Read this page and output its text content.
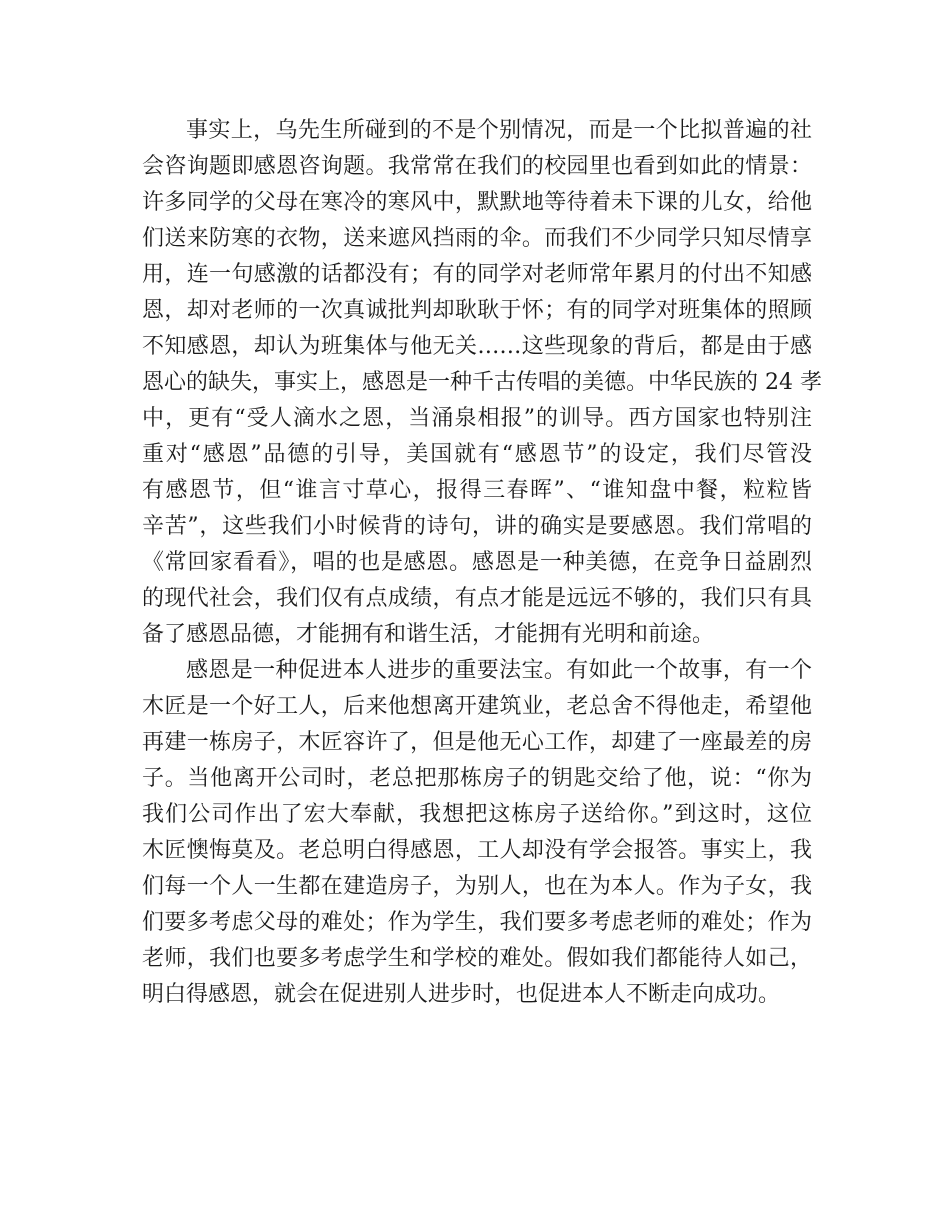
事实上，乌先生所碰到的不是个别情况，而是一个比拟普遍的社
会咨询题即感恩咨询题。我常常在我们的校园里也看到如此的情景：
许多同学的父母在寒冷的寒风中，默默地等待着未下课的儿女，给他
们送来防寒的衣物，送来遮风挡雨的伞。而我们不少同学只知尽情享
用，连一句感激的话都没有；有的同学对老师常年累月的付出不知感
恩，却对老师的一次真诚批判却耿耿于怀；有的同学对班集体的照顾
不知感恩，却认为班集体与他无关……这些现象的背后，都是由于感
恩心的缺失，事实上，感恩是一种千古传唱的美德。中华民族的 24 孝
中，更有“受人滴水之恩，当涌泉相报”的训导。西方国家也特别注
重对“感恩”品德的引导，美国就有“感恩节”的设定，我们尽管没
有感恩节，但“谁言寸草心，报得三春晖”、“谁知盘中餐，粒粒皆
辛苦”，这些我们小时候背的诗句，讲的确实是要感恩。我们常唱的
《常回家看看》，唱的也是感恩。感恩是一种美德，在竞争日益剧烈
的现代社会，我们仅有点成绩，有点才能是远远不够的，我们只有具
备了感恩品德，才能拥有和谐生活，才能拥有光明和前途。
感恩是一种促进本人进步的重要法宝。有如此一个故事，有一个
木匠是一个好工人，后来他想离开建筑业，老总舍不得他走，希望他
再建一栋房子，木匠容许了，但是他无心工作，却建了一座最差的房
子。当他离开公司时，老总把那栋房子的钥匙交给了他，说：“你为
我们公司作出了宏大奉献，我想把这栋房子送给你。”到这时，这位
木匠懊悔莫及。老总明白得感恩，工人却没有学会报答。事实上，我
们每一个人一生都在建造房子，为别人，也在为本人。作为子女，我
们要多考虑父母的难处；作为学生，我们要多考虑老师的难处；作为
老师，我们也要多考虑学生和学校的难处。假如我们都能待人如己，
明白得感恩，就会在促进别人进步时，也促进本人不断走向成功。
